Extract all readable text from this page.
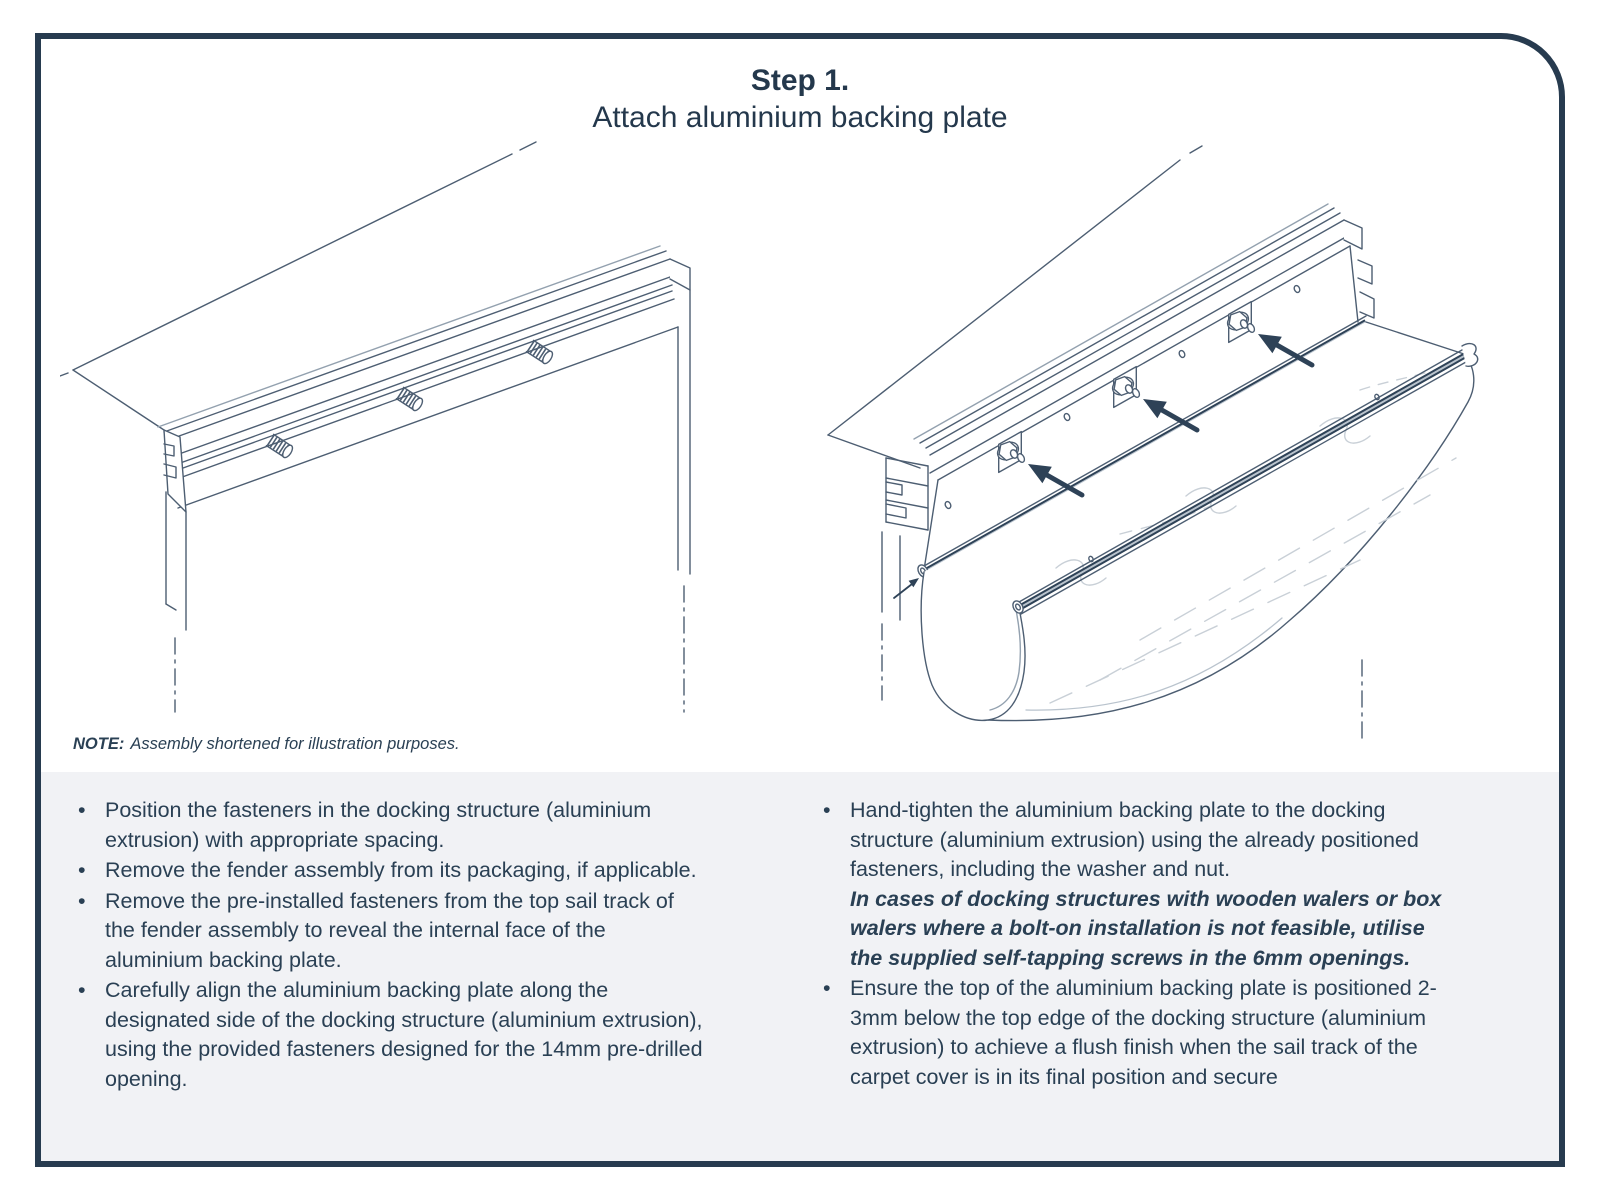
Step 1.
Attach aluminium backing plate
NOTE: Assembly shortened for illustration purposes.
• Position the fasteners in the docking structure (aluminium extrusion) with appropriate spacing.
• Remove the fender assembly from its packaging, if applicable.
• Remove the pre-installed fasteners from the top sail track of the fender assembly to reveal the internal face of the aluminium backing plate.
• Carefully align the aluminium backing plate along the designated side of the docking structure (aluminium extrusion), using the provided fasteners designed for the 14mm pre-drilled opening.
• Hand-tighten the aluminium backing plate to the docking structure (aluminium extrusion) using the already positioned fasteners, including the washer and nut.
In cases of docking structures with wooden walers or box walers where a bolt-on installation is not feasible, utilise the supplied self-tapping screws in the 6mm openings.
• Ensure the top of the aluminium backing plate is positioned 2-3mm below the top edge of the docking structure (aluminium extrusion) to achieve a flush finish when the sail track of the carpet cover is in its final position and secure
